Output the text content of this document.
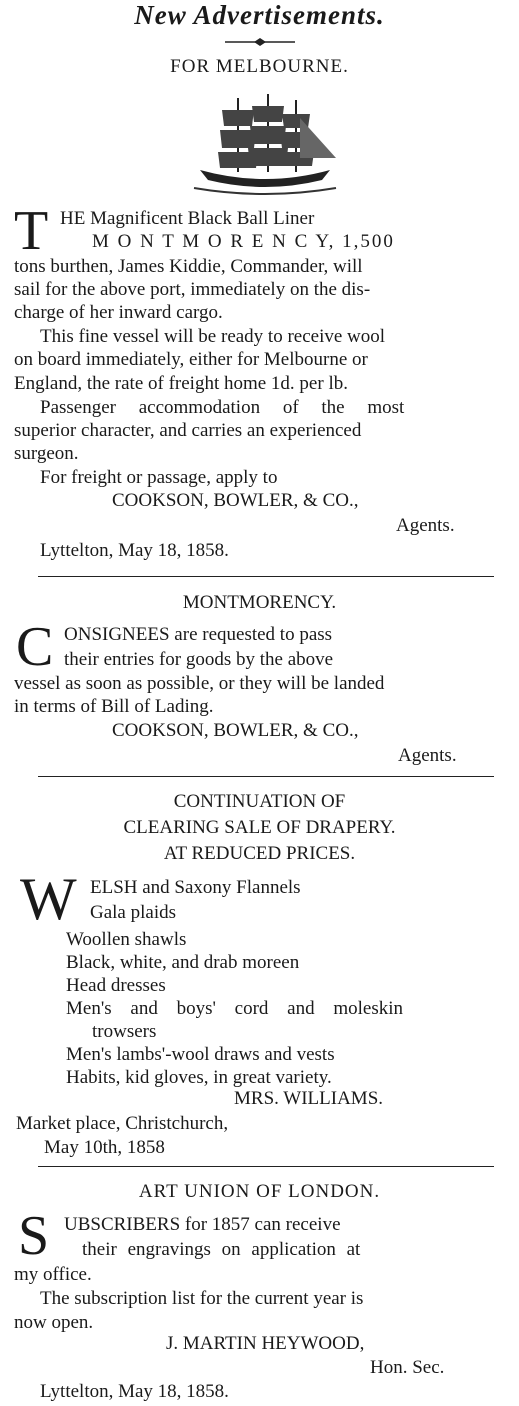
New Advertisements.
FOR MELBOURNE.
T HE Magnificent Black Ball Liner
M O N T M O R E N C Y, 1,500
tons burthen, James Kiddie, Commander, will
sail for the above port, immediately on the dis-
charge of her inward cargo.
This fine vessel will be ready to receive wool
on board immediately, either for Melbourne or
England, the rate of freight home 1d. per lb.
Passenger accommodation of the most
superior character, and carries an experienced
surgeon.
For freight or passage, apply to
COOKSON, BOWLER, & CO.,
Agents.
Lyttelton, May 18, 1858.
MONTMORENCY.
C ONSIGNEES are requested to pass
their entries for goods by the above
vessel as soon as possible, or they will be landed
in terms of Bill of Lading.
COOKSON, BOWLER, & CO.,
Agents.
CONTINUATION OF
CLEARING SALE OF DRAPERY.
AT REDUCED PRICES.
W ELSH and Saxony Flannels
Gala plaids
Woollen shawls
Black, white, and drab moreen
Head dresses
Men's and boys' cord and moleskin
trowsers
Men's lambs'-wool draws and vests
Habits, kid gloves, in great variety.
MRS. WILLIAMS.
Market place, Christchurch,
May 10th, 1858
ART UNION OF LONDON.
S UBSCRIBERS for 1857 can receive
their engravings on application at
my office.
The subscription list for the current year is
now open.
J. MARTIN HEYWOOD,
Hon. Sec.
Lyttelton, May 18, 1858.
